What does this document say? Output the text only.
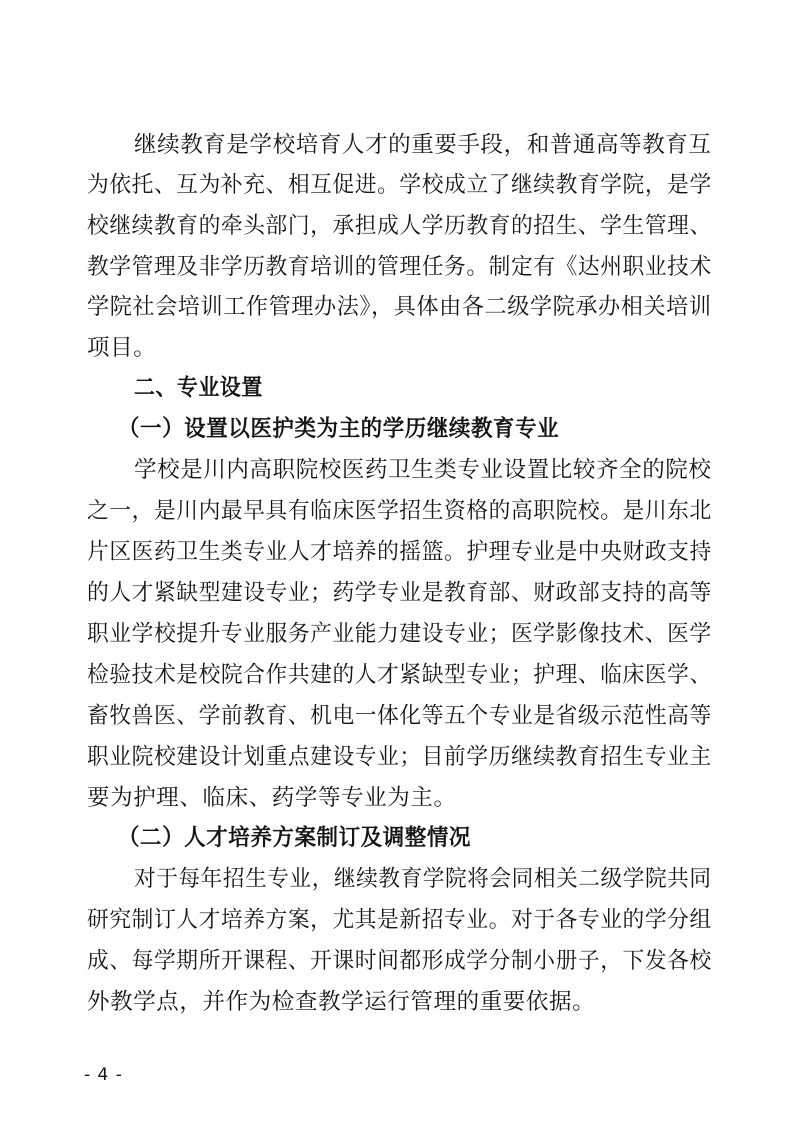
继续教育是学校培育人才的重要手段，和普通高等教育互
为依托、互为补充、相互促进。学校成立了继续教育学院，是学
校继续教育的牵头部门，承担成人学历教育的招生、学生管理、
教学管理及非学历教育培训的管理任务。制定有《达州职业技术
学院社会培训工作管理办法》，具体由各二级学院承办相关培训
项目。
二、专业设置
（一）设置以医护类为主的学历继续教育专业
学校是川内高职院校医药卫生类专业设置比较齐全的院校
之一，是川内最早具有临床医学招生资格的高职院校。是川东北
片区医药卫生类专业人才培养的摇篮。护理专业是中央财政支持
的人才紧缺型建设专业；药学专业是教育部、财政部支持的高等
职业学校提升专业服务产业能力建设专业；医学影像技术、医学
检验技术是校院合作共建的人才紧缺型专业；护理、临床医学、
畜牧兽医、学前教育、机电一体化等五个专业是省级示范性高等
职业院校建设计划重点建设专业；目前学历继续教育招生专业主
要为护理、临床、药学等专业为主。
（二）人才培养方案制订及调整情况
对于每年招生专业，继续教育学院将会同相关二级学院共同
研究制订人才培养方案，尤其是新招专业。对于各专业的学分组
成、每学期所开课程、开课时间都形成学分制小册子，下发各校
外教学点，并作为检查教学运行管理的重要依据。
- 4 -
